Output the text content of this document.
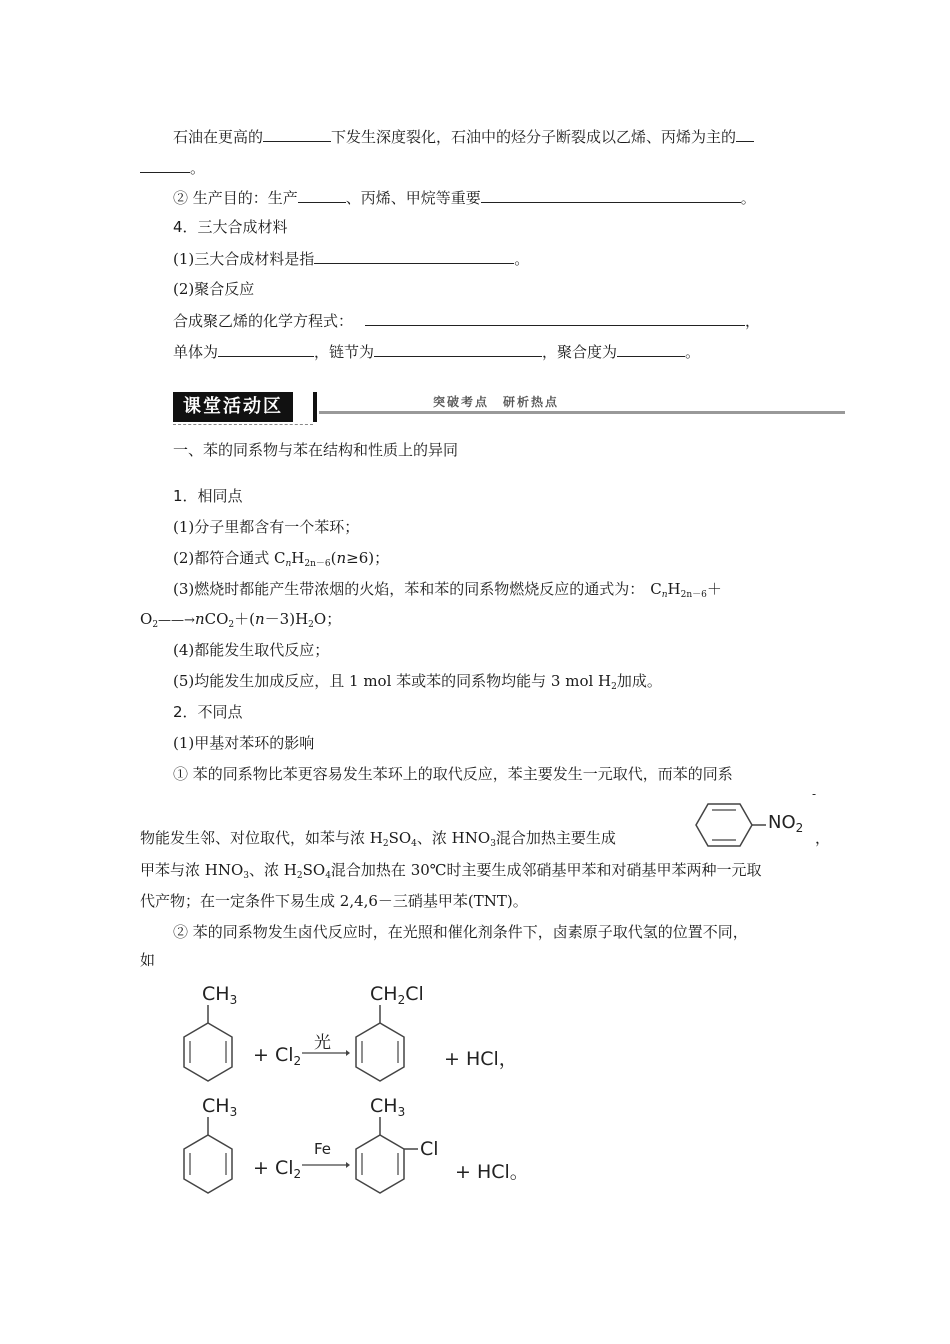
石油在更高的	下发生深度裂化，石油中的烃分子断裂成以乙烯、丙烯为主的
。
② 生产目的：生产	、丙烯、甲烷等重要	。
4．三大合成材料
(1)三大合成材料是指	。
(2)聚合反应
合成聚乙烯的化学方程式：	，
单体为	，链节为	，聚合度为	。
课堂活动区	突破考点　研析热点
一、苯的同系物与苯在结构和性质上的异同
1．相同点
(1)分子里都含有一个苯环；
(2)都符合通式 $C_nH_{2n-6}(n\ge 6)$；
(3)燃烧时都能产生带浓烟的火焰，苯和苯的同系物燃烧反应的通式为： $C_nH_{2n-6}+$
$O_2——\to nCO_2+(n-3)H_2O$；
(4)都能发生取代反应；
(5)均能发生加成反应，且 1 mol 苯或苯的同系物均能与 3 mol $H_2$加成。
2．不同点
(1)甲基对苯环的影响
① 苯的同系物比苯更容易发生苯环上的取代反应，苯主要发生一元取代，而苯的同系
-
物能发生邻、对位取代，如苯与浓 $H_2SO_4$、浓 $HNO_3$混合加热主要生成
$NO_2$
，
甲苯与浓 $HNO_3$、浓 $H_2SO_4$混合加热在 30℃时主要生成邻硝基甲苯和对硝基甲苯两种一元取
代产物；在一定条件下易生成 2,4,6－三硝基甲苯(TNT)。
② 苯的同系物发生卤代反应时，在光照和催化剂条件下，卤素原子取代氢的位置不同，
如
$CH_3$
+ $Cl_2$
光
$CH_2Cl$
+ HCl，
$CH_3$
+ $Cl_2$
Fe
$CH_3$
Cl
+ HCl。
